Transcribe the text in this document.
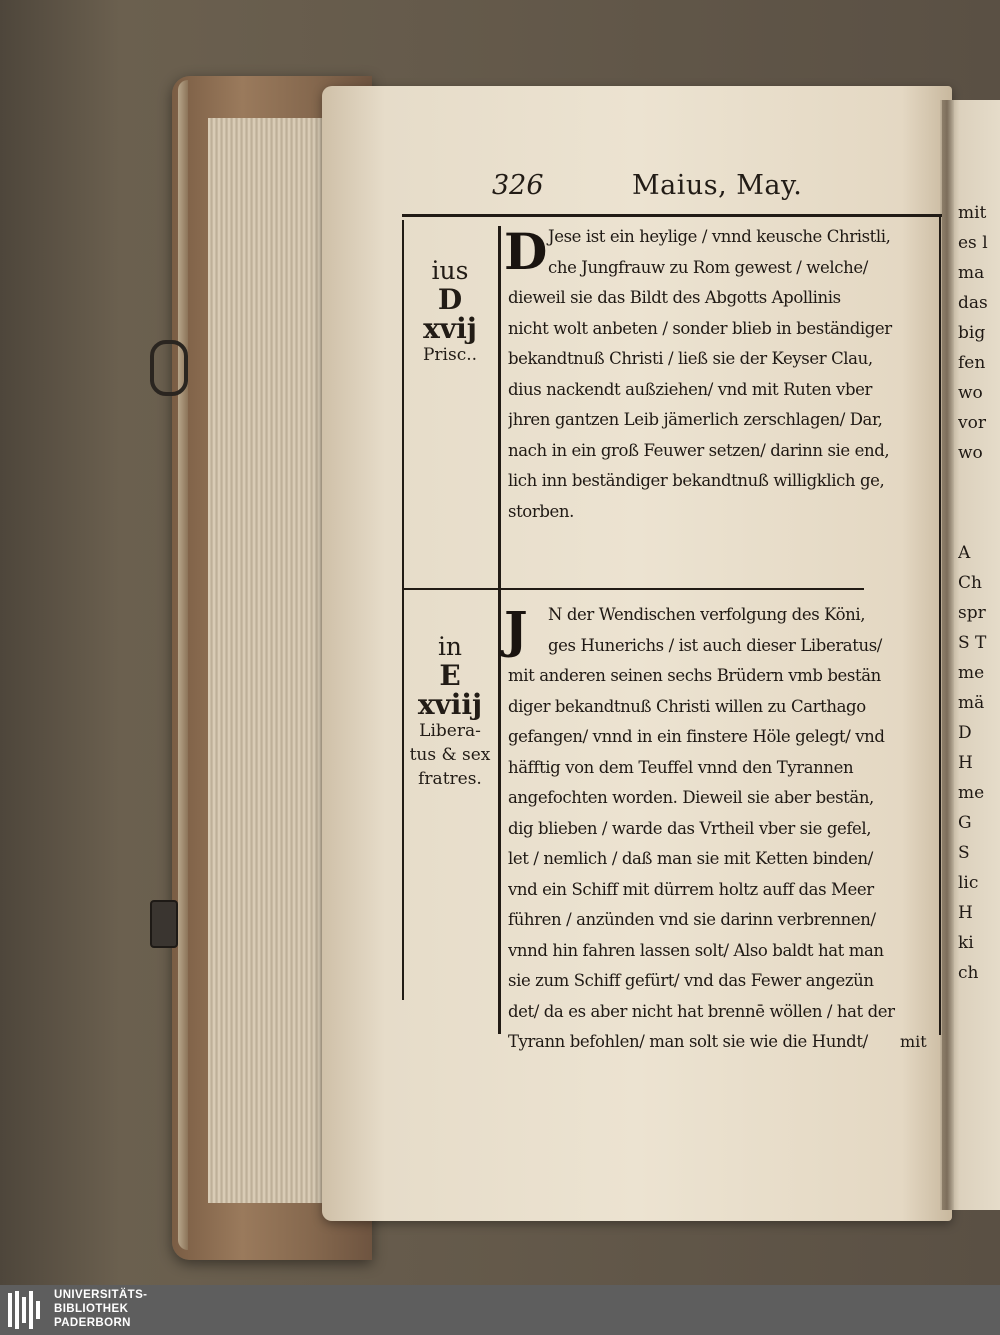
326	Maius, May.
ius
D
xvij
Prisc..
in
E
xviij
Libera-
tus & sex
fratres.
D Jese ist ein heylige / vnnd keusche Christli,
che Jungfrauw zu Rom gewest / welche/
dieweil sie das Bildt des Abgotts Apollinis
nicht wolt anbeten / sonder blieb in beständiger
bekandtnuß Christi / ließ sie der Keyser Clau,
dius nackendt außziehen/ vnd mit Ruten vber
jhren gantzen Leib jämerlich zerschlagen/ Dar,
nach in ein groß Feuwer setzen/ darinn sie end,
lich inn beständiger bekandtnuß willigklich ge,
storben.
J	N der Wendischen verfolgung des Köni,
ges Hunerichs / ist auch dieser Liberatus/
mit anderen seinen sechs Brüdern vmb bestän
diger bekandtnuß Christi willen zu Carthago
gefangen/ vnnd in ein finstere Höle gelegt/ vnd
häfftig von dem Teuffel vnnd den Tyrannen
angefochten worden. Dieweil sie aber bestän,
dig blieben / warde das Vrtheil vber sie gefel,
let / nemlich / daß man sie mit Ketten binden/
vnd ein Schiff mit dürrem holtz auff das Meer
führen / anzünden vnd sie darinn verbrennen/
vnnd hin fahren lassen solt/ Also baldt hat man
sie zum Schiff gefürt/ vnd das Fewer angezün
det/ da es aber nicht hat brennē wöllen / hat der
Tyrann befohlen/ man solt sie wie die Hundt/	mit
mit
es l
ma
das
big
fen
wo
vor
wo
A
Ch
spr
S T
me
mä
D
H
me
G
S
lic
H
ki
ch
UNIVERSITÄTS-
BIBLIOTHEK
PADERBORN
